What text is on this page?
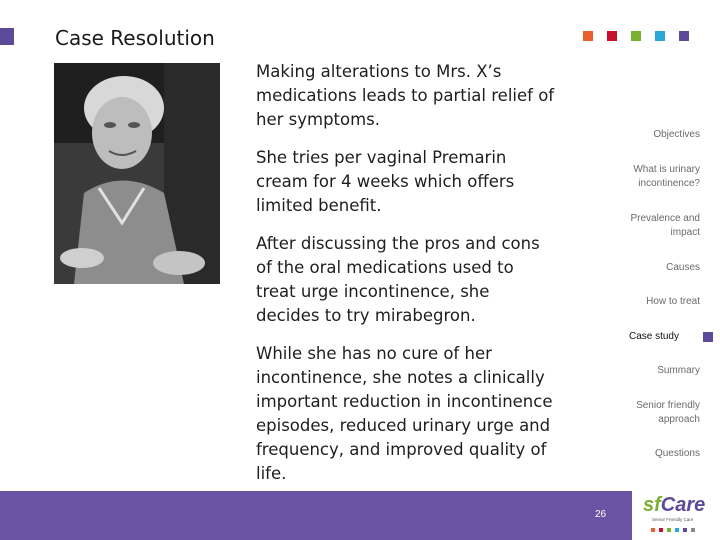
Case Resolution

Making alterations to Mrs. X’s medications leads to partial relief of her symptoms.

She tries per vaginal Premarin cream for 4 weeks which offers limited benefit.

After discussing the pros and cons of the oral medications used to treat urge incontinence, she decides to try mirabegron.

While she has no cure of her incontinence, she notes a clinically important reduction in incontinence episodes, reduced urinary urge and frequency, and improved quality of life.

Objectives
What is urinary incontinence?
Prevalence and impact
Causes
How to treat
Case study
Summary
Senior friendly approach
Questions
26 sfCare
Senior Friendly Care
